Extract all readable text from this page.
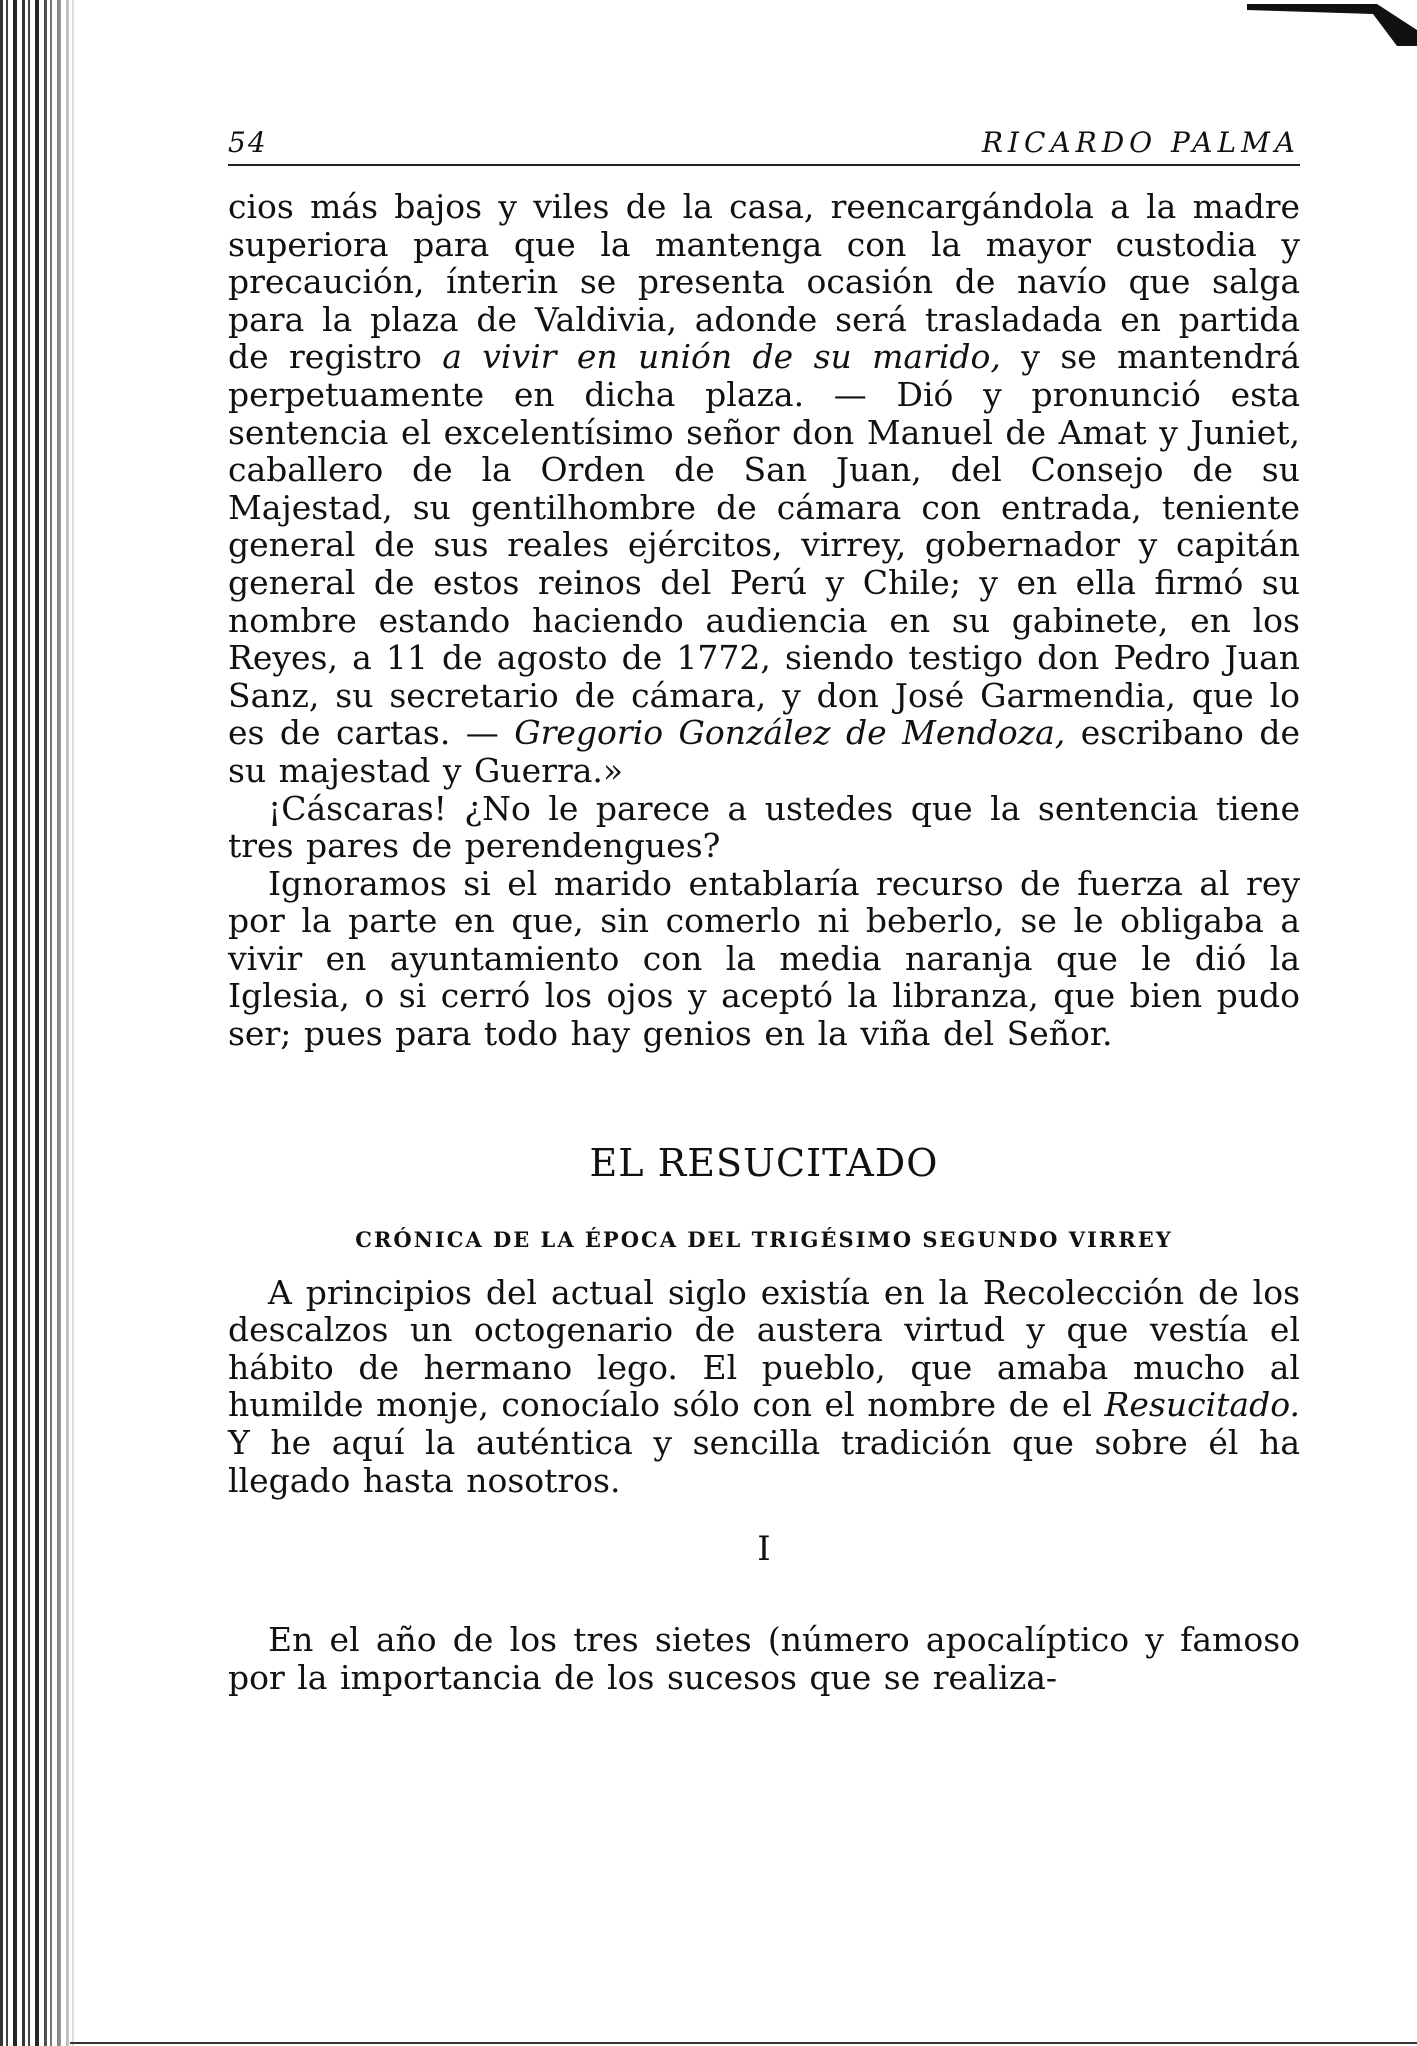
54	RICARDO PALMA

cios más bajos y viles de la casa, reencargándola a la madre superiora para que la mantenga con la mayor custodia y precaución, ínterin se presenta ocasión de navío que salga para la plaza de Valdivia, adonde será trasladada en partida de registro a vivir en unión de su marido, y se mantendrá perpetuamente en dicha plaza. — Dió y pronunció esta sentencia el excelentísimo señor don Manuel de Amat y Juniet, caballero de la Orden de San Juan, del Consejo de su Majestad, su gentilhombre de cámara con entrada, teniente general de sus reales ejércitos, virrey, gobernador y capitán general de estos reinos del Perú y Chile; y en ella firmó su nombre estando haciendo audiencia en su gabinete, en los Reyes, a 11 de agosto de 1772, siendo testigo don Pedro Juan Sanz, su secretario de cámara, y don José Garmendia, que lo es de cartas. — Gregorio González de Mendoza, escribano de su majestad y Guerra.»

¡Cáscaras! ¿No le parece a ustedes que la sentencia tiene tres pares de perendengues?

Ignoramos si el marido entablaría recurso de fuerza al rey por la parte en que, sin comerlo ni beberlo, se le obligaba a vivir en ayuntamiento con la media naranja que le dió la Iglesia, o si cerró los ojos y aceptó la libranza, que bien pudo ser; pues para todo hay genios en la viña del Señor.

EL RESUCITADO
CRÓNICA DE LA ÉPOCA DEL TRIGÉSIMO SEGUNDO VIRREY

A principios del actual siglo existía en la Recolección de los descalzos un octogenario de austera virtud y que vestía el hábito de hermano lego. El pueblo, que amaba mucho al humilde monje, conocíalo sólo con el nombre de el Resucitado. Y he aquí la auténtica y sencilla tradición que sobre él ha llegado hasta nosotros.

I

En el año de los tres sietes (número apocalíptico y famoso por la importancia de los sucesos que se realiza-
